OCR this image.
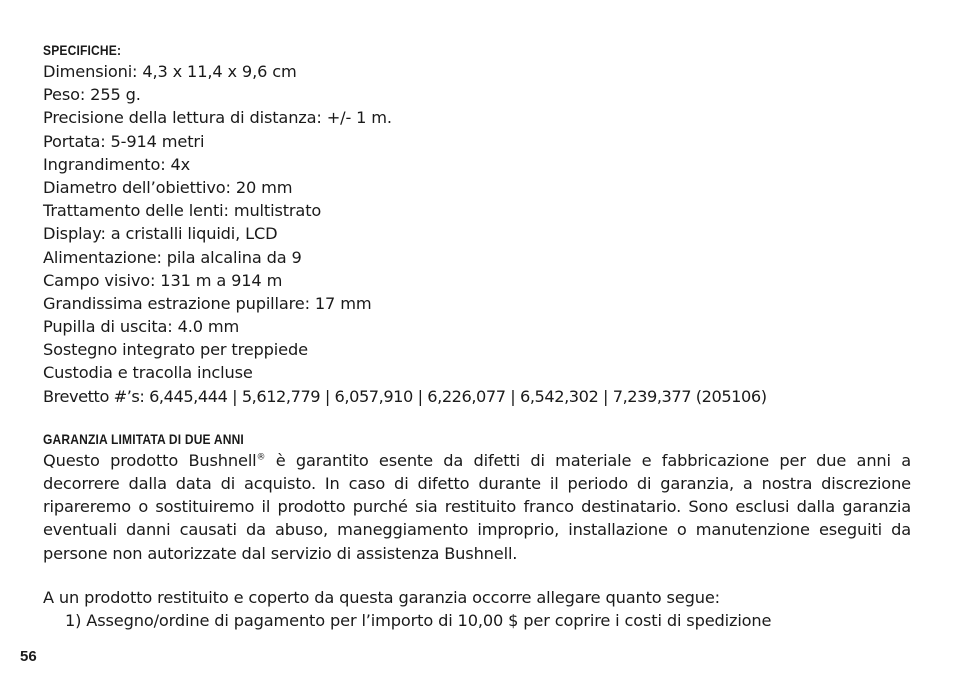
SPECIFICHE:
Dimensioni: 4,3 x 11,4 x 9,6 cm
Peso: 255 g.
Precisione della lettura di distanza: +/- 1 m.
Portata: 5-914 metri
Ingrandimento: 4x
Diametro dell’obiettivo: 20 mm
Trattamento delle lenti: multistrato
Display: a cristalli liquidi, LCD
Alimentazione: pila alcalina da 9
Campo visivo: 131 m a 914 m
Grandissima estrazione pupillare: 17 mm
Pupilla di uscita: 4.0 mm
Sostegno integrato per treppiede
Custodia e tracolla incluse
Brevetto #’s: 6,445,444 | 5,612,779 | 6,057,910 | 6,226,077 | 6,542,302 | 7,239,377 (205106)
GARANZIA LIMITATA DI DUE ANNI

Questo prodotto Bushnell® è garantito esente da difetti di materiale e fabbricazione per due anni a decorrere dalla data di acquisto. In caso di difetto durante il periodo di garanzia, a nostra discrezione ripareremo o sostituiremo il prodotto purché sia restituito franco destinatario. Sono esclusi dalla garanzia eventuali danni causati da abuso, maneggiamento improprio, installazione o manutenzione eseguiti da persone non autorizzate dal servizio di assistenza Bushnell.

A un prodotto restituito e coperto da questa garanzia occorre allegare quanto segue:
1) Assegno/ordine di pagamento per l’importo di 10,00 $ per coprire i costi di spedizione
56
